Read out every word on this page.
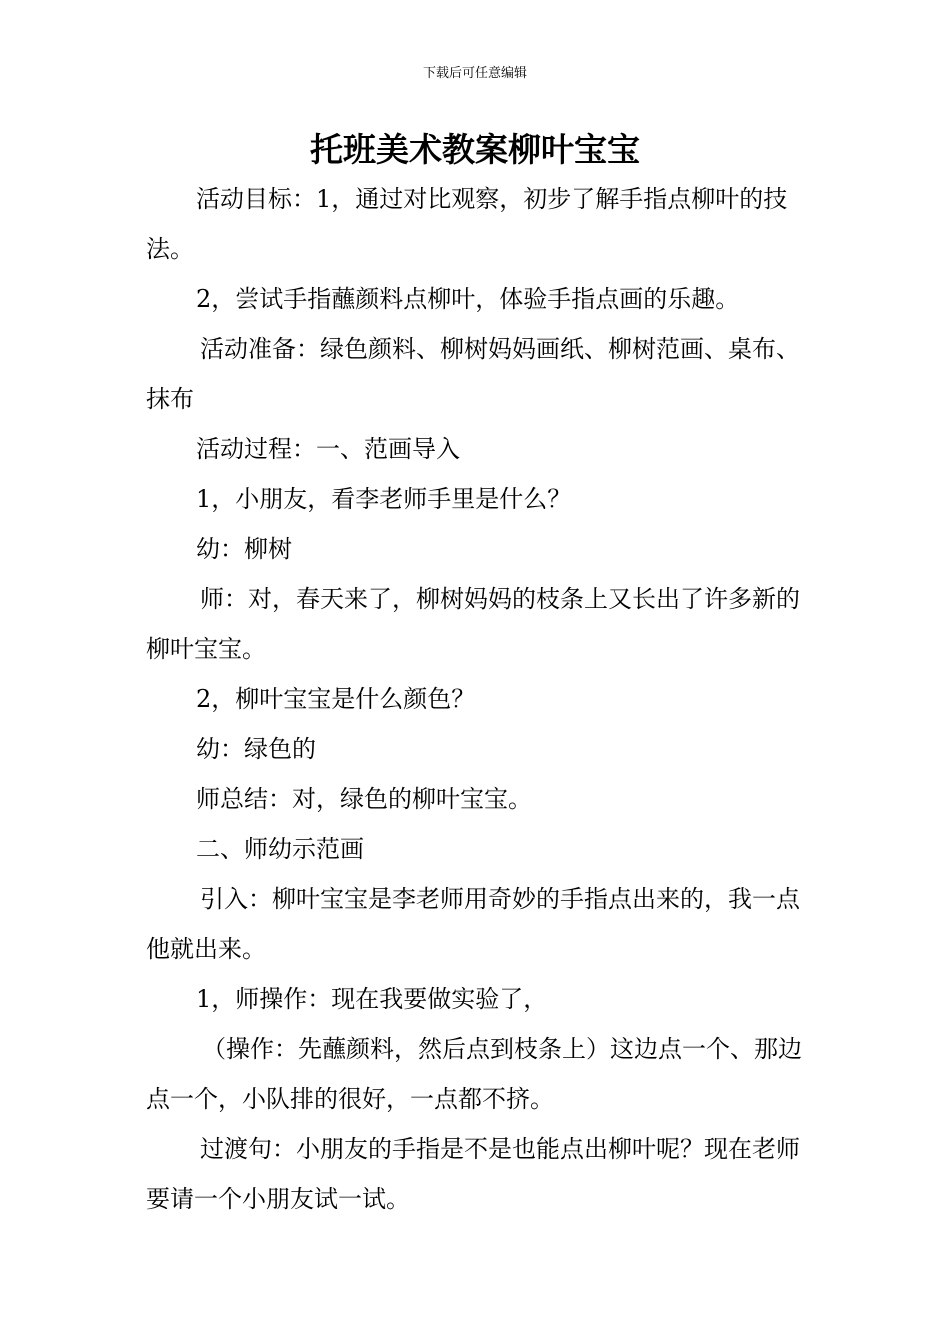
下载后可任意编辑
托班美术教案柳叶宝宝

活动目标：1，通过对比观察，初步了解手指点柳叶的技法。

2，尝试手指蘸颜料点柳叶，体验手指点画的乐趣。

活动准备：绿色颜料、柳树妈妈画纸、柳树范画、桌布、抹布

活动过程：一、范画导入

1，小朋友，看李老师手里是什么？

幼：柳树

师：对，春天来了，柳树妈妈的枝条上又长出了许多新的柳叶宝宝。

2，柳叶宝宝是什么颜色？

幼：绿色的

师总结：对，绿色的柳叶宝宝。

二、师幼示范画

引入：柳叶宝宝是李老师用奇妙的手指点出来的，我一点他就出来。

1，师操作：现在我要做实验了，

（操作：先蘸颜料，然后点到枝条上）这边点一个、那边点一个，小队排的很好，一点都不挤。

过渡句：小朋友的手指是不是也能点出柳叶呢？现在老师要请一个小朋友试一试。
